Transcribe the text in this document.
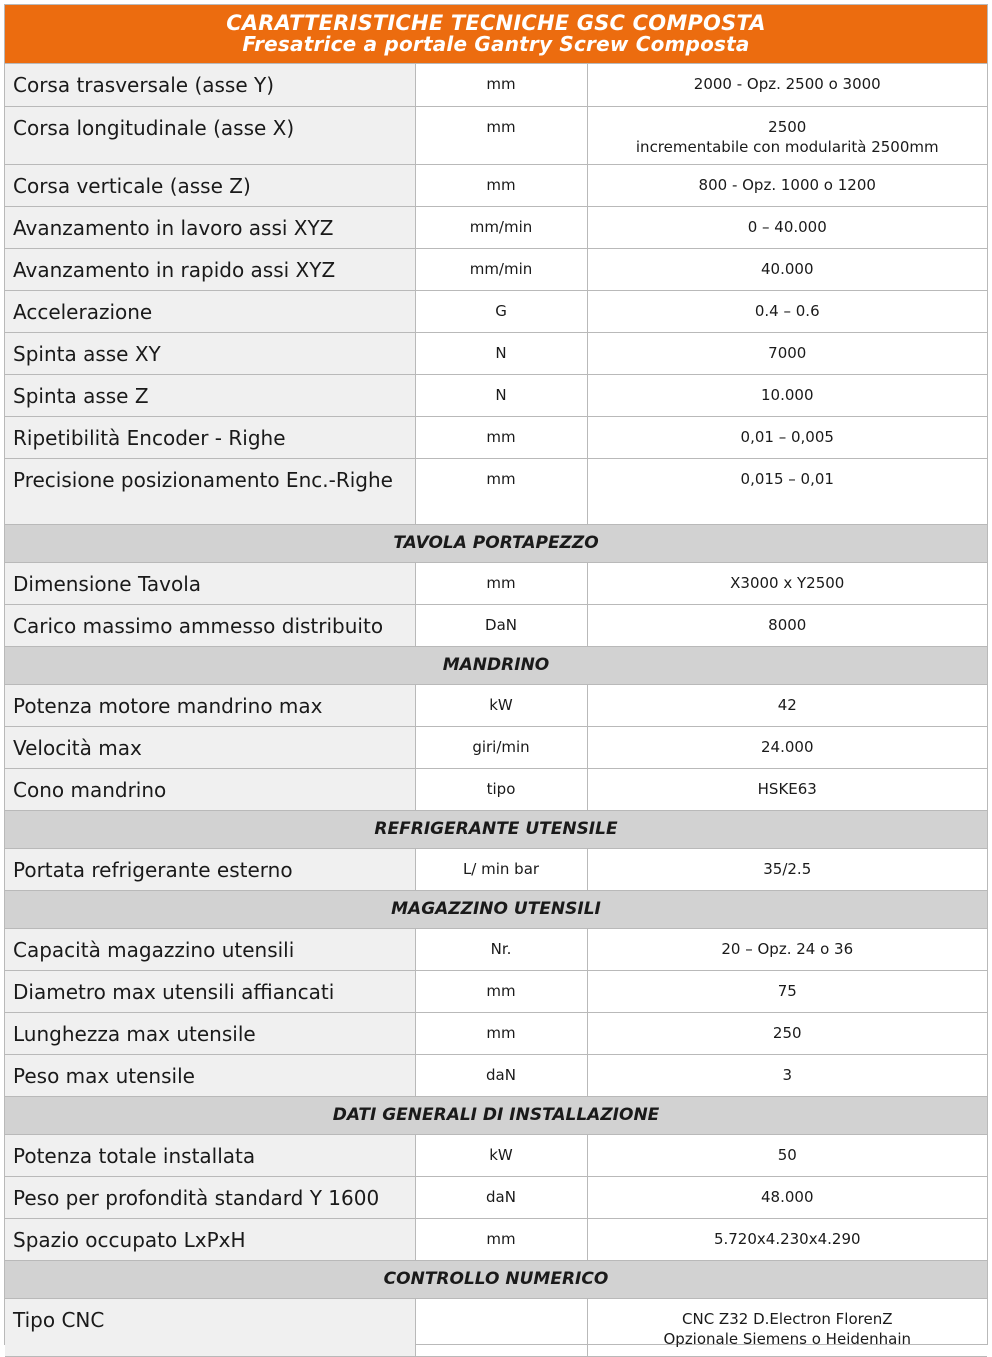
CARATTERISTICHE TECNICHE GSC COMPOSTA
Fresatrice a portale Gantry Screw Composta
Corsa trasversale (asse Y)	mm	2000 - Opz. 2500 o 3000

Corsa longitudinale (asse X)	mm	2500
incrementabile con modularità 2500mm

Corsa verticale (asse Z)	mm	800 - Opz. 1000 o 1200

Avanzamento in lavoro assi XYZ	mm/min	0 – 40.000

Avanzamento in rapido assi XYZ	mm/min	40.000

Accelerazione	G	0.4 – 0.6

Spinta asse XY	N	7000

Spinta asse Z	N	10.000

Ripetibilità Encoder - Righe	mm	0,01 – 0,005

Precisione posizionamento Enc.-Righe	mm	0,015 – 0,01

TAVOLA PORTAPEZZO		
Dimensione Tavola	mm	X3000 x Y2500

Carico massimo ammesso distribuito	DaN	8000

MANDRINO		
Potenza motore mandrino max	kW	42

Velocità max	giri/min	24.000

Cono mandrino	tipo	HSKE63

REFRIGERANTE UTENSILE		
Portata refrigerante esterno	L/ min bar	35/2.5

MAGAZZINO UTENSILI		
Capacità magazzino utensili	Nr.	20 – Opz. 24 o 36

Diametro max utensili affiancati	mm	75

Lunghezza max utensile	mm	250

Peso max utensile	daN	3

DATI GENERALI DI INSTALLAZIONE		
Potenza totale installata	kW	50

Peso per profondità standard Y 1600	daN	48.000

Spazio occupato LxPxH	mm	5.720x4.230x4.290

CONTROLLO NUMERICO		
Tipo CNC		CNC Z32 D.Electron FlorenZ
Opzionale Siemens o Heidenhain
